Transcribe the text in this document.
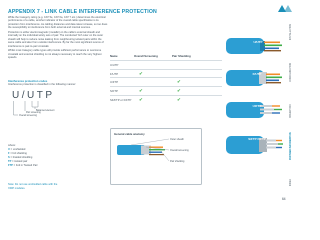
APPENDIX 7 - LINK CABLE INTERFERENCE PROTECTION

While the Category rating (e.g. CAT 5e, CAT 6a, CAT 7 etc.) determines the electrical performance of a cable, another indicator of the overall cable specification is its protection from interference. As cabling distances and data rates increase, so too does the susceptibility to interference from both external and internal sources.

Protection is either electromagnetic (metallic) on the cable's external sheath and internally on the individual twisty sets of pair. The conducted 'foil' outer on the outer sheath will help to reduce noise leaking from neighbouring twisted pairs within the same cable and also from outside interference. By far the most significant source of interference is pair-to-pair crosstalk.

Whilst most Category cable types will provide sufficient performance to overcome crosstalk and external shielding is not always necessary to reach the very highest speeds.

Interference protection codes
Interference protection is classified in the following manner:
U/UTP
Balanced element
Pair screening
Overall screening
where:
U = unshielded
F = foil shielding
S = braided shielding
TP = twisted pair
FTP = Foil in Twisted Pair
Note: Do not use unshielded cable with the XDIP modules.
Name	Overall Screening	Pair Shielding
U/UTP		
F/UTP	✔	
U/FTP		✔
S/FTP	✔	✔
SF/FTP or F/FTP	✔	✔
General cable anatomy
Outer sheath
Overall screening
Pair shielding
U/UTP
F/UTP
U/FTP
S/FTP F/FTP
INSTALLATION
CONFIGURATION
OPERATION
FURTHER INFORMATION
INDEX
64
